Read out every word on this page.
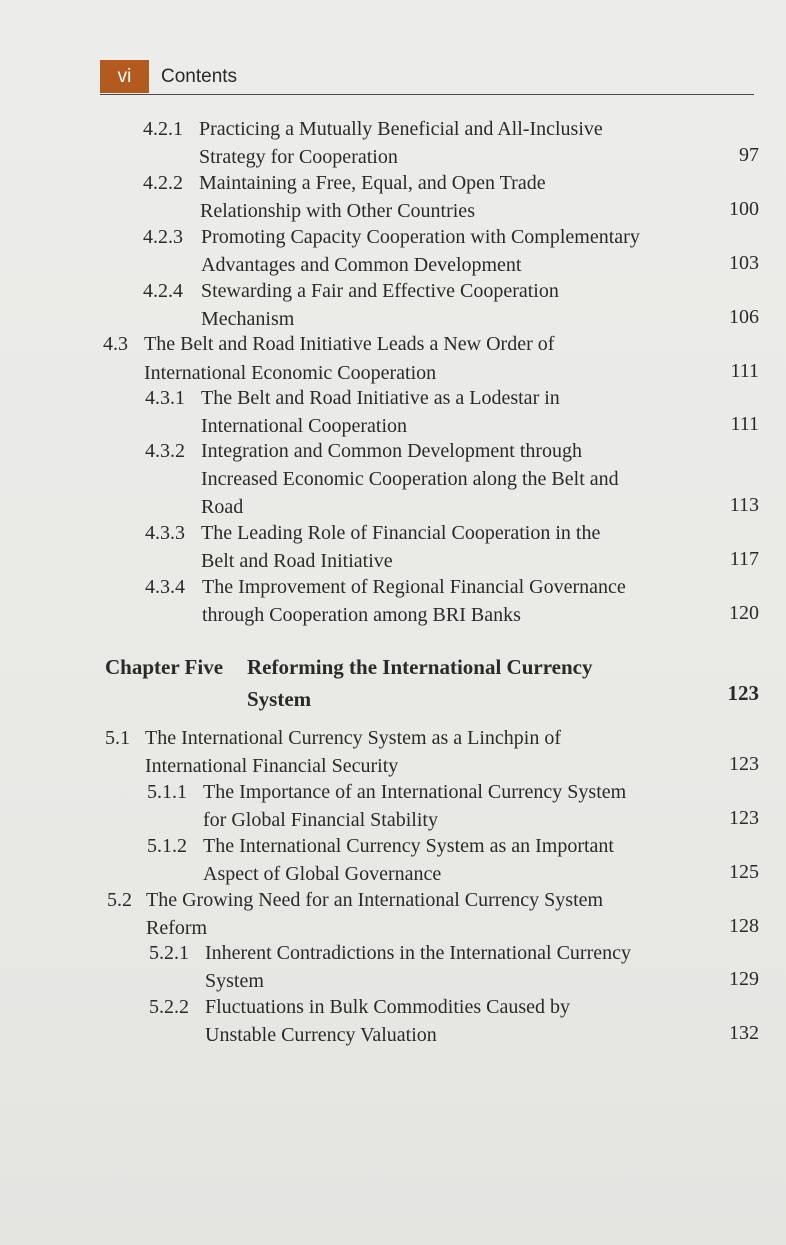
vi	Contents
4.2.1 Practicing a Mutually Beneficial and All-Inclusive
Strategy for Cooperation	97
4.2.2 Maintaining a Free, Equal, and Open Trade
Relationship with Other Countries	100
4.2.3 Promoting Capacity Cooperation with Complementary
Advantages and Common Development	103
4.2.4 Stewarding a Fair and Effective Cooperation
Mechanism	106
4.3 The Belt and Road Initiative Leads a New Order of
International Economic Cooperation	111
4.3.1 The Belt and Road Initiative as a Lodestar in
International Cooperation	111
4.3.2 Integration and Common Development through
Increased Economic Cooperation along the Belt and
Road	113
4.3.3 The Leading Role of Financial Cooperation in the
Belt and Road Initiative	117
4.3.4 The Improvement of Regional Financial Governance
through Cooperation among BRI Banks	120
Chapter Five Reforming the International Currency
System	123
5.1 The International Currency System as a Linchpin of
International Financial Security	123
5.1.1 The Importance of an International Currency System
for Global Financial Stability	123
5.1.2 The International Currency System as an Important
Aspect of Global Governance	125
5.2 The Growing Need for an International Currency System
Reform	128
5.2.1 Inherent Contradictions in the International Currency
System	129
5.2.2 Fluctuations in Bulk Commodities Caused by
Unstable Currency Valuation	132
